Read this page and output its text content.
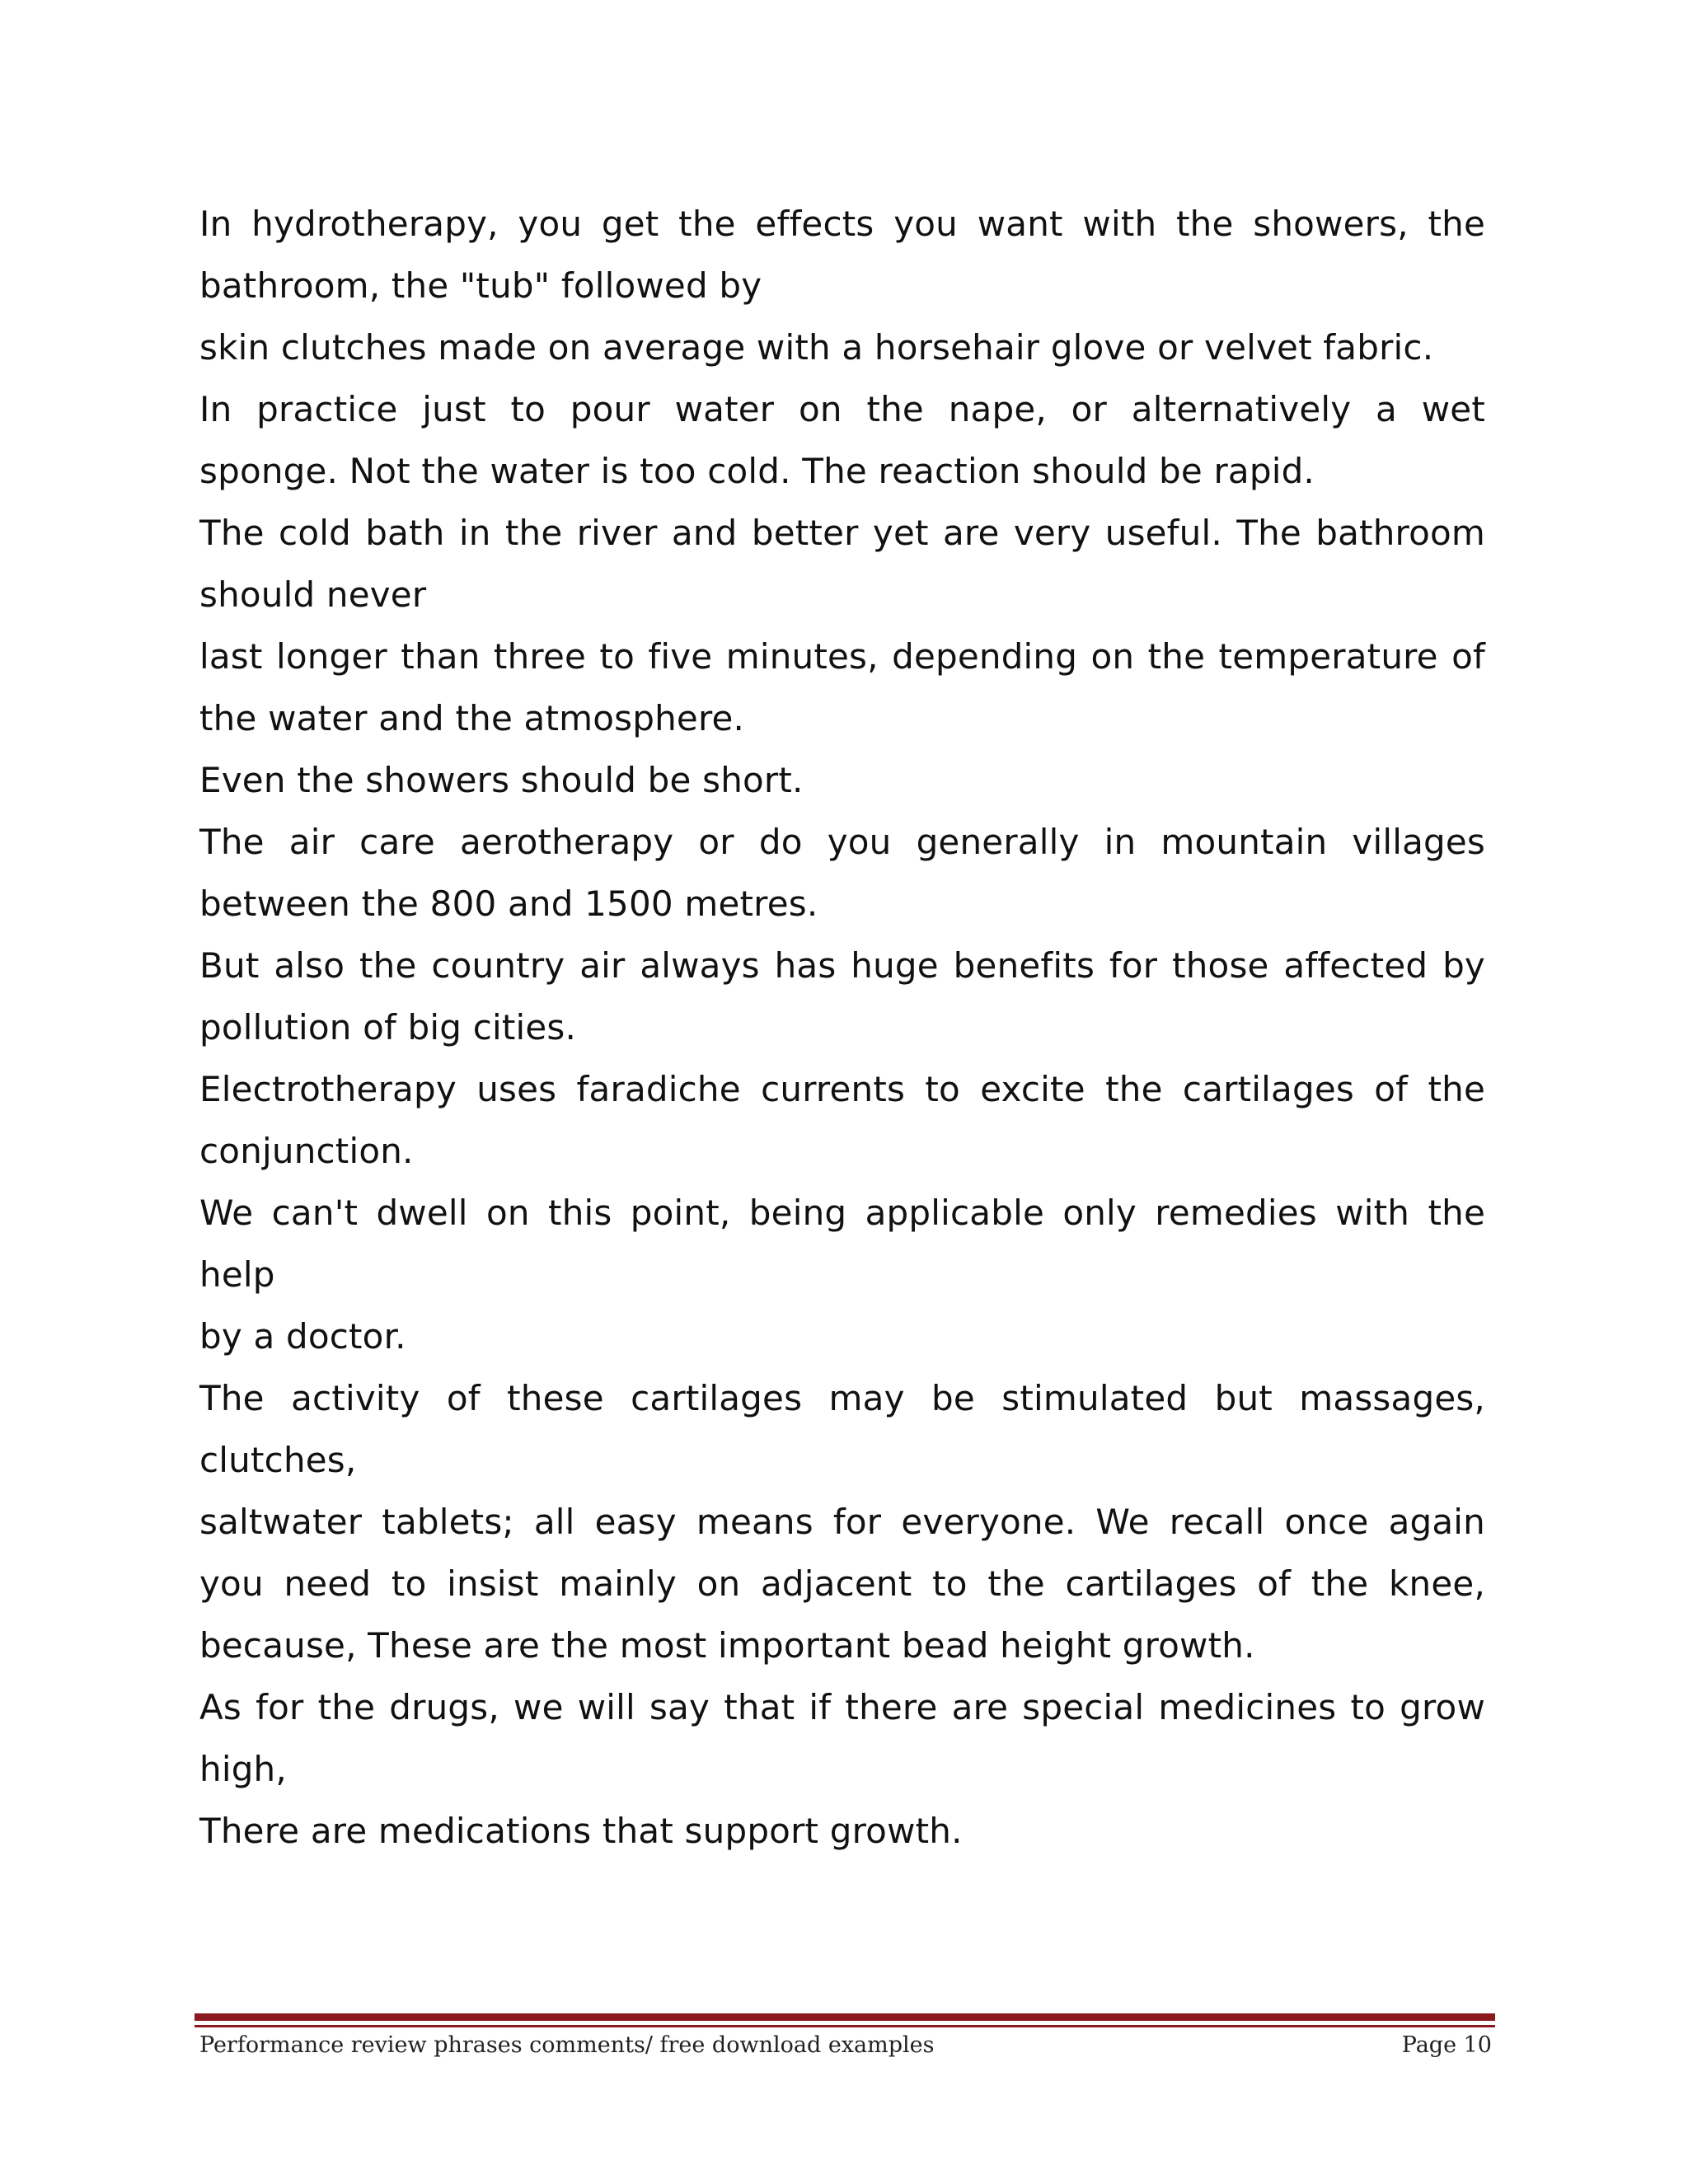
In hydrotherapy, you get the effects you want with the showers, the

bathroom, the "tub" followed by

skin clutches made on average with a horsehair glove or velvet fabric.

In practice just to pour water on the nape, or alternatively a wet

sponge. Not the water is too cold. The reaction should be rapid.

The cold bath in the river and better yet are very useful. The bathroom

should never

last longer than three to five minutes, depending on the temperature of

the water and the atmosphere.

Even the showers should be short.

The air care aerotherapy or do you generally in mountain villages

between the 800 and 1500 metres.

But also the country air always has huge benefits for those affected by

pollution of big cities.

Electrotherapy uses faradiche currents to excite the cartilages of the

conjunction.

We can't dwell on this point, being applicable only remedies with the

help

by a doctor.

The activity of these cartilages may be stimulated but massages,

clutches,

saltwater tablets; all easy means for everyone. We recall once again

you need to insist mainly on adjacent to the cartilages of the knee,

because, These are the most important bead height growth.

As for the drugs, we will say that if there are special medicines to grow

high,

There are medications that support growth.

Performance review phrases comments/ free download examples	Page 10
